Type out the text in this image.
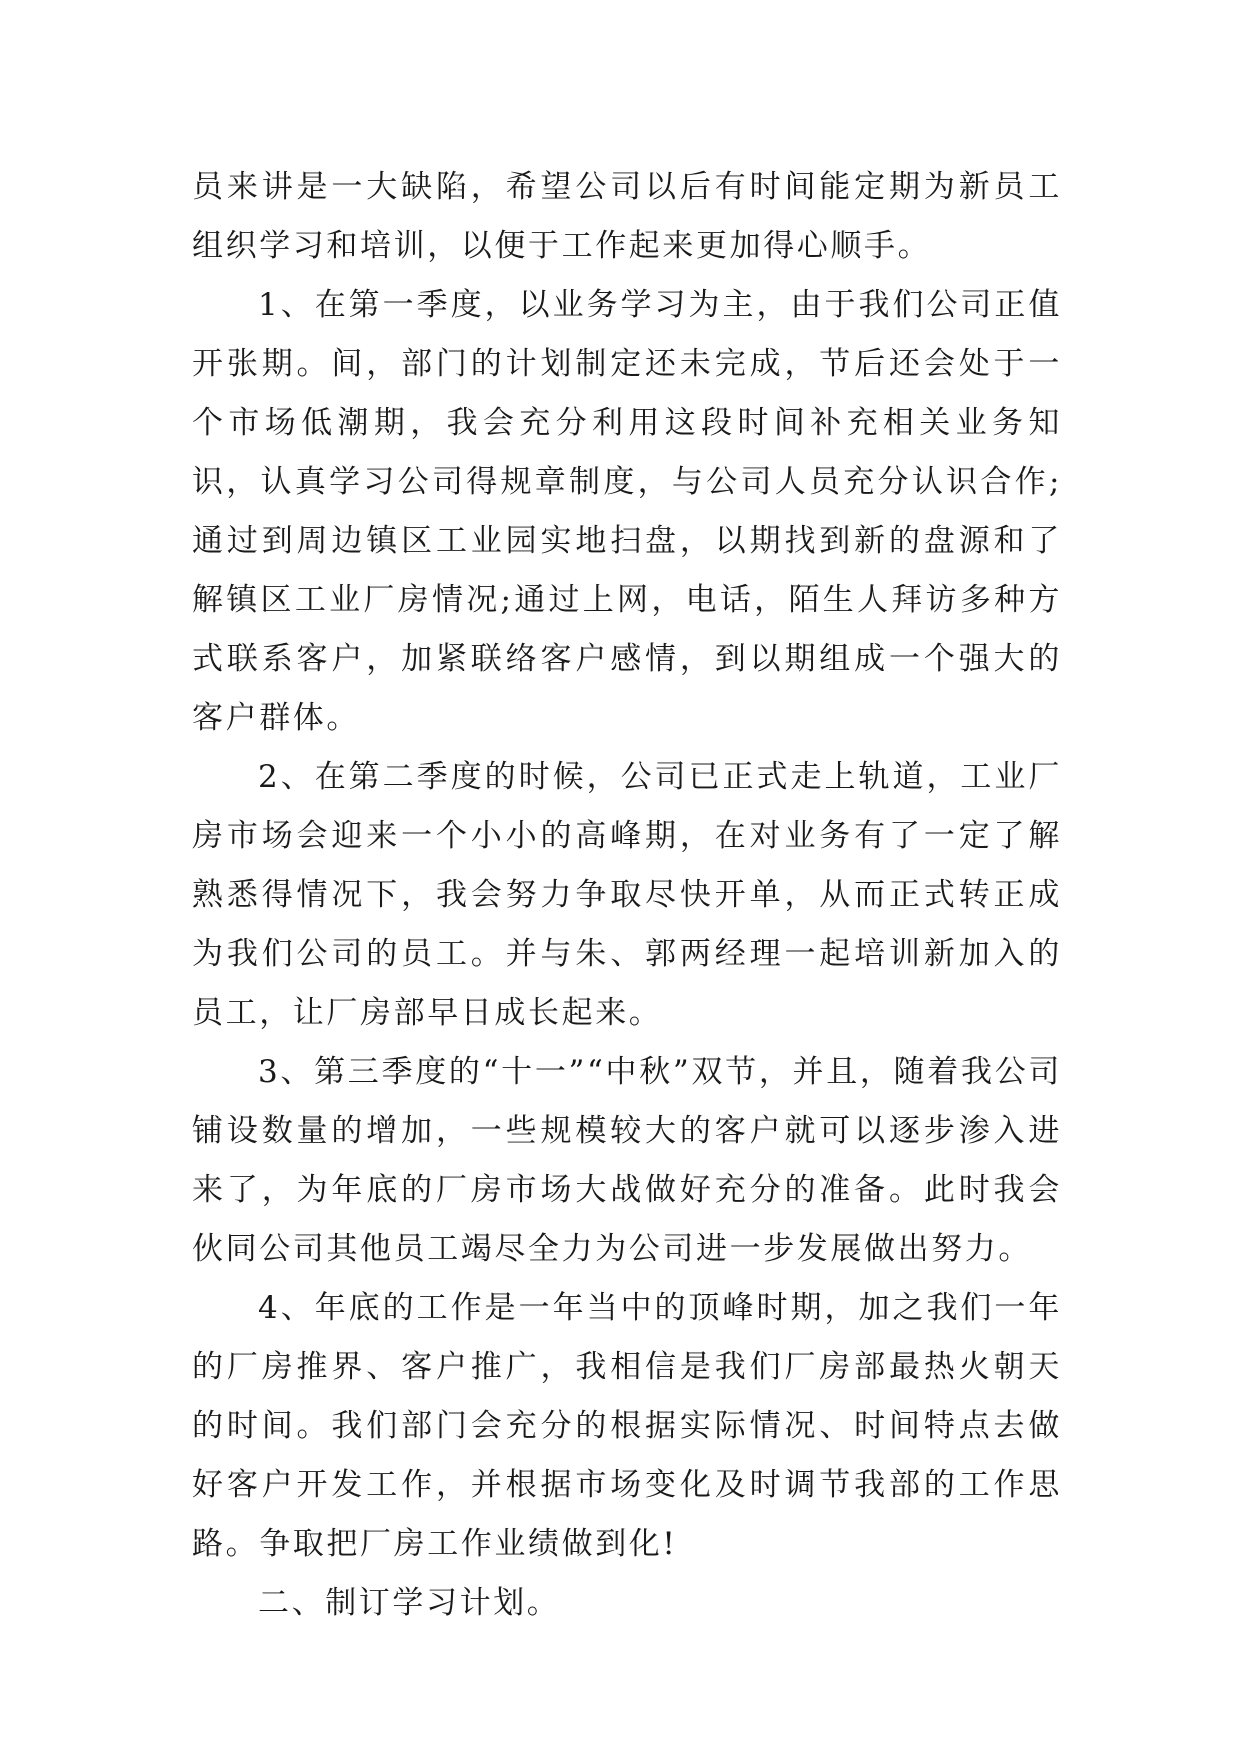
员来讲是一大缺陷，希望公司以后有时间能定期为新员工组织学习和培训，以便于工作起来更加得心顺手。

1、在第一季度，以业务学习为主，由于我们公司正值开张期。间，部门的计划制定还未完成，节后还会处于一个市场低潮期，我会充分利用这段时间补充相关业务知识，认真学习公司得规章制度，与公司人员充分认识合作;通过到周边镇区工业园实地扫盘，以期找到新的盘源和了解镇区工业厂房情况;通过上网，电话，陌生人拜访多种方式联系客户，加紧联络客户感情，到以期组成一个强大的客户群体。

2、在第二季度的时候，公司已正式走上轨道，工业厂房市场会迎来一个小小的高峰期，在对业务有了一定了解熟悉得情况下，我会努力争取尽快开单，从而正式转正成为我们公司的员工。并与朱、郭两经理一起培训新加入的员工，让厂房部早日成长起来。

3、第三季度的“十一”“中秋”双节，并且，随着我公司铺设数量的增加，一些规模较大的客户就可以逐步渗入进来了，为年底的厂房市场大战做好充分的准备。此时我会伙同公司其他员工竭尽全力为公司进一步发展做出努力。

4、年底的工作是一年当中的顶峰时期，加之我们一年的厂房推界、客户推广，我相信是我们厂房部最热火朝天的时间。我们部门会充分的根据实际情况、时间特点去做好客户开发工作，并根据市场变化及时调节我部的工作思路。争取把厂房工作业绩做到化!

二、制订学习计划。
